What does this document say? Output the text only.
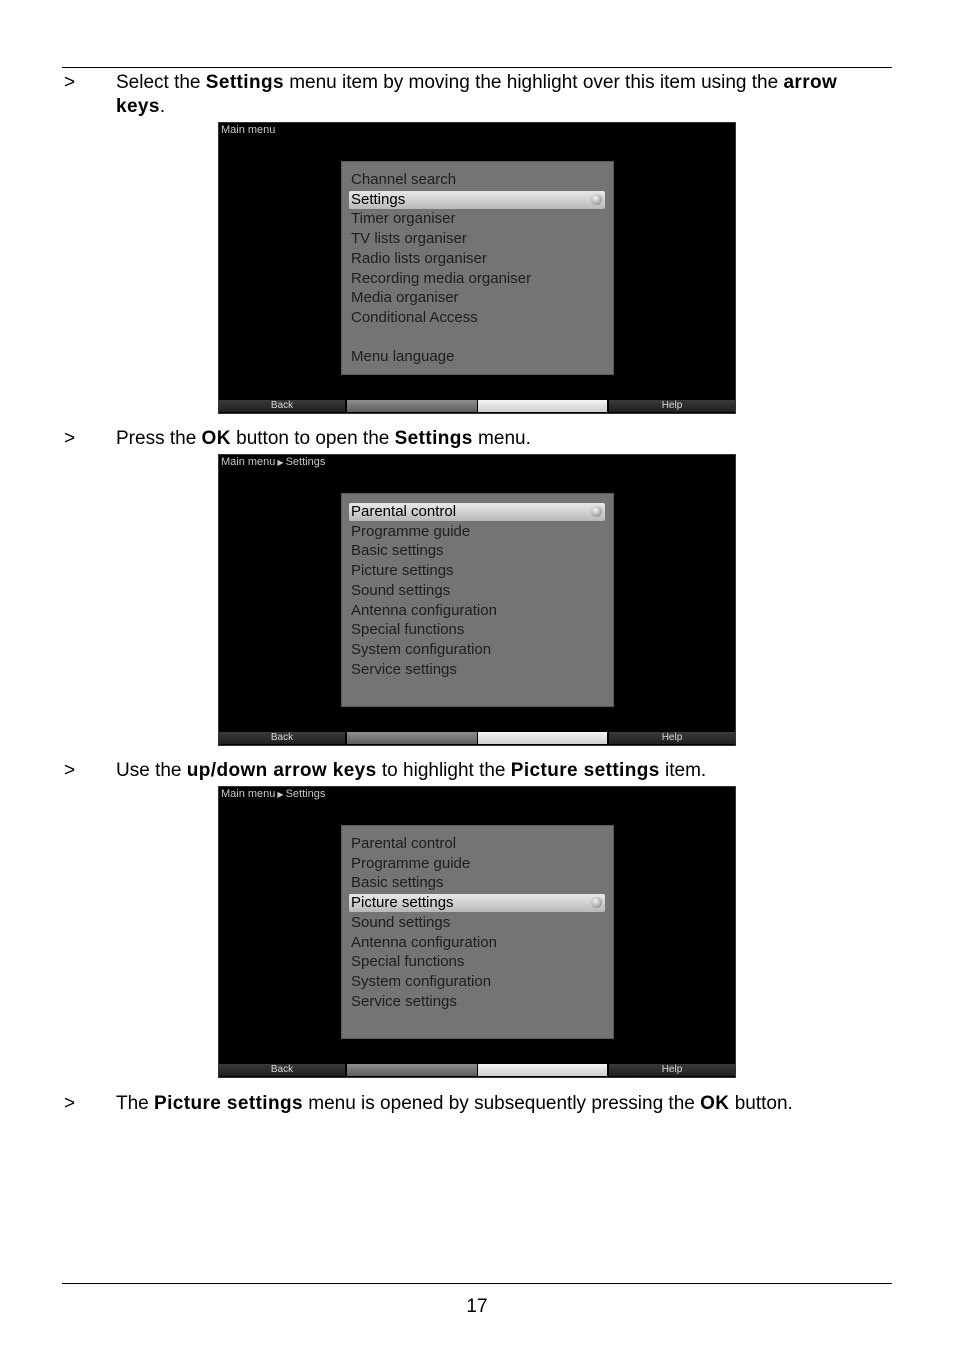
> Select the Settings menu item by moving the highlight over this item using the arrow keys.
Main menu
Channel search
Settings
Timer organiser
TV lists organiser
Radio lists organiser
Recording media organiser
Media organiser
Conditional Access
Menu language
Back	Help
> Press the OK button to open the Settings menu.
Main menu ▶ Settings
Parental control
Programme guide
Basic settings
Picture settings
Sound settings
Antenna configuration
Special functions
System configuration
Service settings
Back	Help
> Use the up/down arrow keys to highlight the Picture settings item.
Main menu ▶ Settings
Parental control
Programme guide
Basic settings
Picture settings
Sound settings
Antenna configuration
Special functions
System configuration
Service settings
Back	Help
> The Picture settings menu is opened by subsequently pressing the OK button.
17
